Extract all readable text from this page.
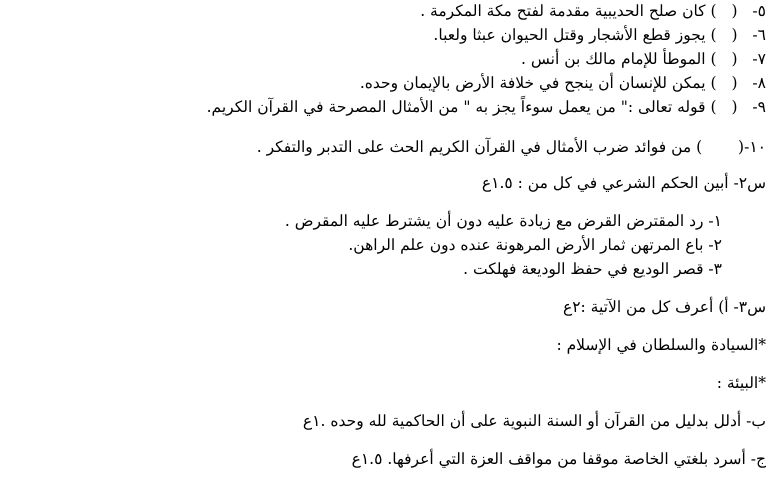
٥- ( ) كان صلح الحديبية مقدمة لفتح مكة المكرمة .
٦- ( ) يجوز قطع الأشجار وقتل الحيوان عبثا ولعبا.
٧- ( ) الموطأ للإمام مالك بن أنس .
٨- ( ) يمكن للإنسان أن ينجح في خلافة الأرض بالإيمان وحده.
٩- ( ) قوله تعالى :" من يعمل سوءاً يجز به " من الأمثال المصرحة في القرآن الكريم.
١٠-(  ) من فوائد ضرب الأمثال في القرآن الكريم الحث على التدبر والتفكر .
س٢- أبين الحكم الشرعي في كل من : ١.٥ع
١- رد المقترض القرض مع زيادة عليه دون أن يشترط عليه المقرض .
٢- باع المرتهن ثمار الأرض المرهونة عنده دون علم الراهن.
٣- قصر الوديع في حفظ الوديعة فهلكت .
س٣- أ) أعرف كل من الآتية :٢ع
*السيادة والسلطان في الإسلام :
*البيئة :
ب- أدلل بدليل من القرآن أو السنة النبوية على أن الحاكمية لله وحده .١ع
ج- أسرد بلغتي الخاصة موقفا من مواقف العزة التي أعرفها. ١.٥ع
